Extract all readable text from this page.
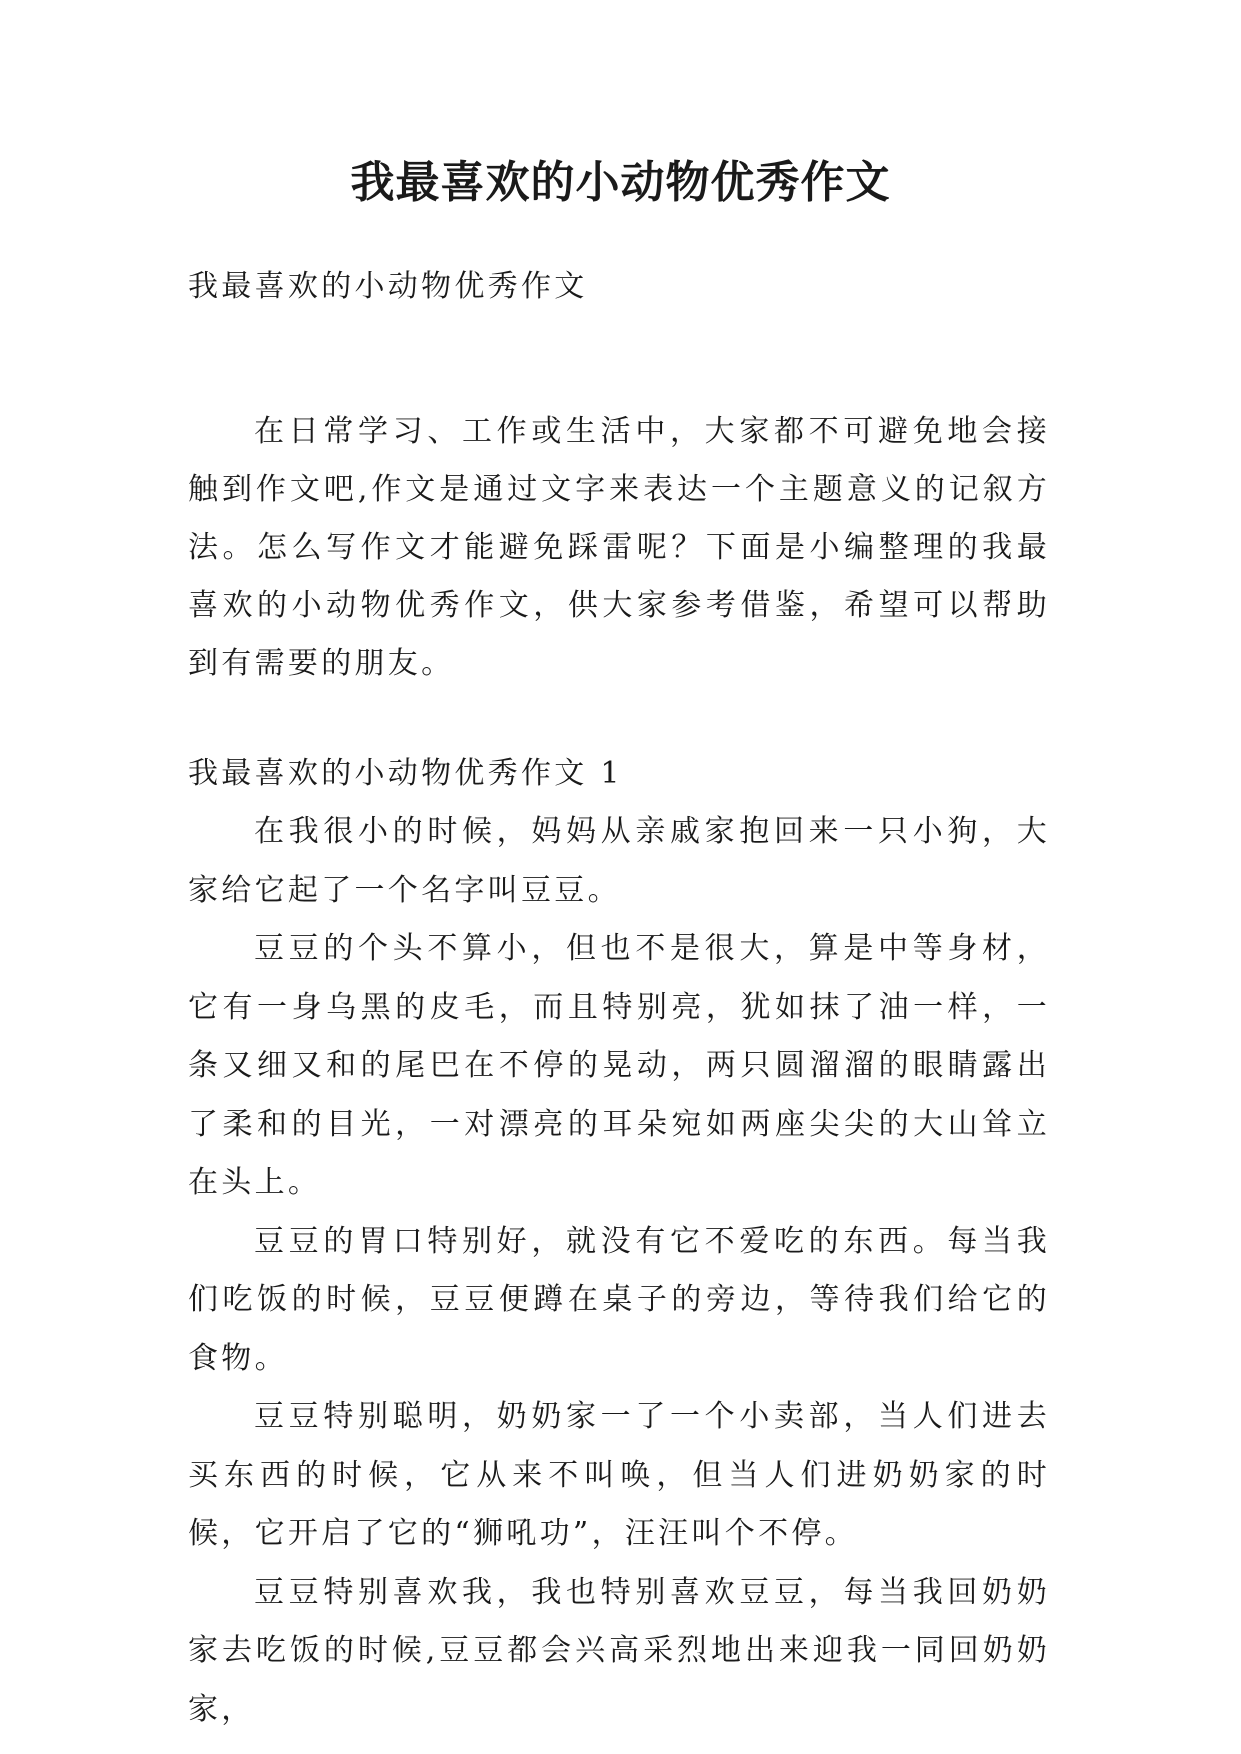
我最喜欢的小动物优秀作文

我最喜欢的小动物优秀作文

在日常学习、工作或生活中，大家都不可避免地会接触到作文吧,作文是通过文字来表达一个主题意义的记叙方法。怎么写作文才能避免踩雷呢？下面是小编整理的我最喜欢的小动物优秀作文，供大家参考借鉴，希望可以帮助到有需要的朋友。

我最喜欢的小动物优秀作文 1

在我很小的时候，妈妈从亲戚家抱回来一只小狗，大家给它起了一个名字叫豆豆。

豆豆的个头不算小，但也不是很大，算是中等身材，它有一身乌黑的皮毛，而且特别亮，犹如抹了油一样，一条又细又和的尾巴在不停的晃动，两只圆溜溜的眼睛露出了柔和的目光，一对漂亮的耳朵宛如两座尖尖的大山耸立在头上。

豆豆的胃口特别好，就没有它不爱吃的东西。每当我们吃饭的时候，豆豆便蹲在桌子的旁边，等待我们给它的食物。

豆豆特别聪明，奶奶家一了一个小卖部，当人们进去买东西的时候，它从来不叫唤，但当人们进奶奶家的时候，它开启了它的“狮吼功”，汪汪叫个不停。

豆豆特别喜欢我，我也特别喜欢豆豆，每当我回奶奶家去吃饭的时候,豆豆都会兴高采烈地出来迎我一同回奶奶家，
